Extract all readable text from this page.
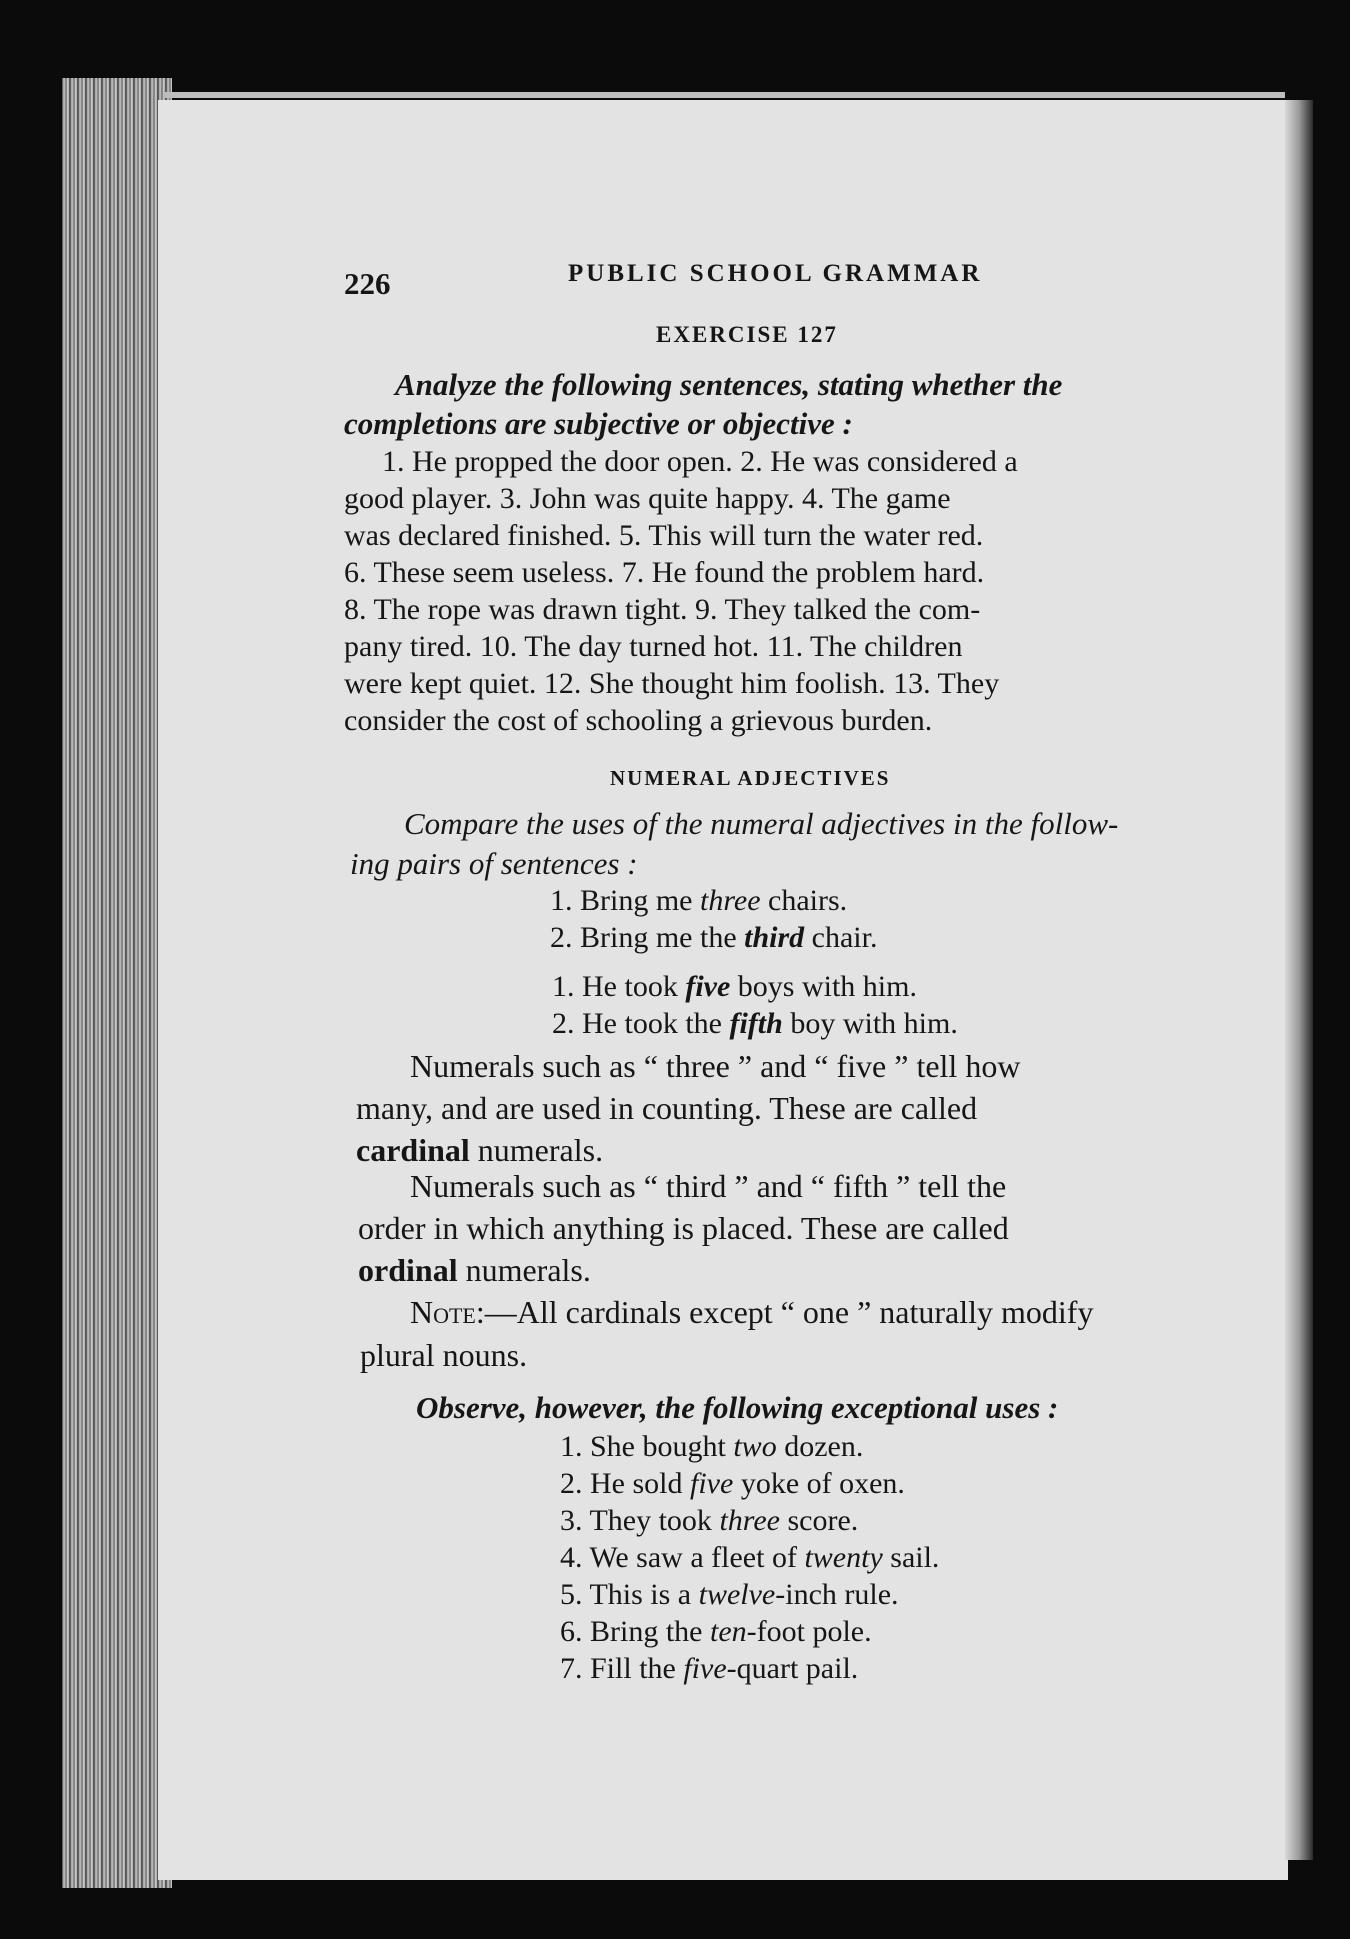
226	PUBLIC SCHOOL GRAMMAR
EXERCISE 127
Analyze the following sentences, stating whether the
completions are subjective or objective :
1. He propped the door open. 2. He was considered a
good player. 3. John was quite happy. 4. The game
was declared finished. 5. This will turn the water red.
6. These seem useless. 7. He found the problem hard.
8. The rope was drawn tight. 9. They talked the com-
pany tired. 10. The day turned hot. 11. The children
were kept quiet. 12. She thought him foolish. 13. They
consider the cost of schooling a grievous burden.
NUMERAL ADJECTIVES
Compare the uses of the numeral adjectives in the follow-
ing pairs of sentences :
1. Bring me three chairs.
2. Bring me the third chair.
1. He took five boys with him.
2. He took the fifth boy with him.
Numerals such as “ three ” and “ five ” tell how
many, and are used in counting. These are called
cardinal numerals.
Numerals such as “ third ” and “ fifth ” tell the
order in which anything is placed. These are called
ordinal numerals.
Note:—All cardinals except “ one ” naturally modify
plural nouns.
Observe, however, the following exceptional uses :
1. She bought two dozen.
2. He sold five yoke of oxen.
3. They took three score.
4. We saw a fleet of twenty sail.
5. This is a twelve-inch rule.
6. Bring the ten-foot pole.
7. Fill the five-quart pail.
